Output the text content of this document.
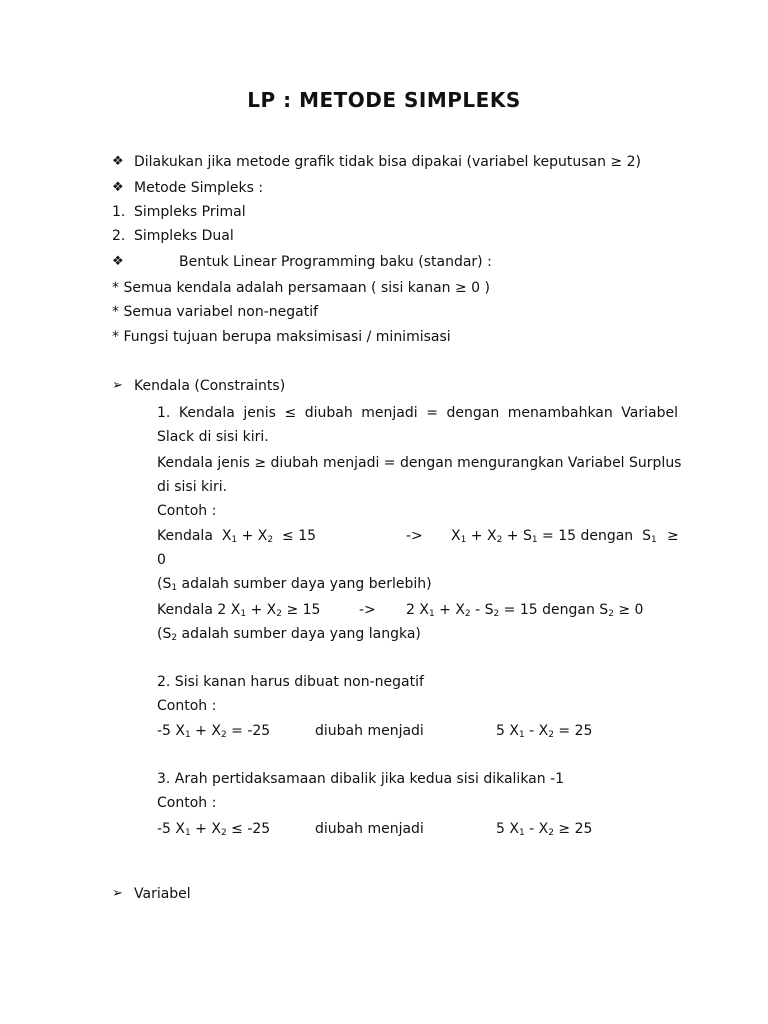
LP : METODE SIMPLEKS
❖ Dilakukan jika metode grafik tidak bisa dipakai (variabel keputusan ≥ 2)
❖ Metode Simpleks :
1. Simpleks Primal
2. Simpleks Dual
❖	Bentuk Linear Programming baku (standar) :
* Semua kendala adalah persamaan ( sisi kanan ≥ 0 )
* Semua variabel non-negatif
* Fungsi tujuan berupa maksimisasi / minimisasi
➢ Kendala (Constraints)
1. Kendala jenis ≤ diubah menjadi = dengan menambahkan Variabel
Slack di sisi kiri.
Kendala jenis ≥ diubah menjadi = dengan mengurangkan Variabel Surplus
di sisi kiri.
Contoh :
Kendala $X_1 + X_2 \le 15$	-> $X_1 + X_2 + S_1 = 15$ dengan $S_1$ ≥
0
($S_1$ adalah sumber daya yang berlebih)
Kendala 2 $X_1 + X_2 \ge 15$	-> 2 $X_1 + X_2 - S_2 = 15$ dengan $S_2 \ge 0$
($S_2$ adalah sumber daya yang langka)
2. Sisi kanan harus dibuat non-negatif
Contoh :
-5 $X_1 + X_2 = -25$	diubah menjadi	5 $X_1 - X_2 = 25$
3. Arah pertidaksamaan dibalik jika kedua sisi dikalikan -1
Contoh :
-5 $X_1 + X_2 \le -25$	diubah menjadi	5 $X_1 - X_2 \ge 25$
➢ Variabel
